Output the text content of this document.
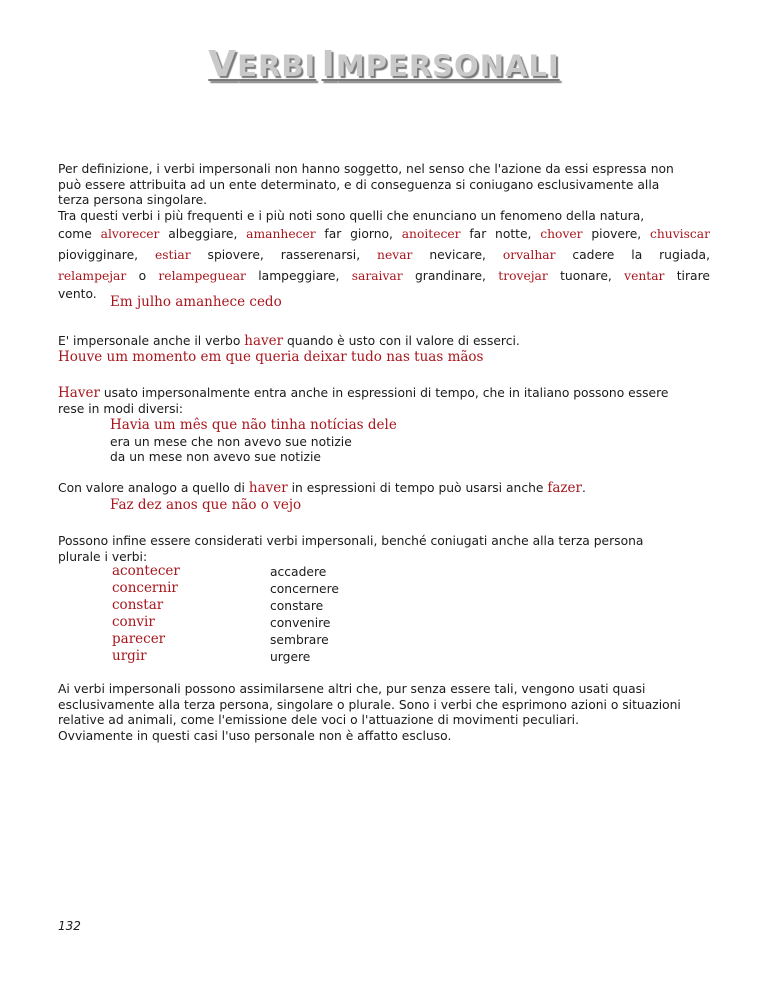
VERBI IMPERSONALI
Per definizione, i verbi impersonali non hanno soggetto, nel senso che l'azione da essi espressa non
può essere attribuita ad un ente determinato, e di conseguenza si coniugano esclusivamente alla
terza persona singolare.
Tra questi verbi i più frequenti e i più noti sono quelli che enunciano un fenomeno della natura,
come alvorecer albeggiare, amanhecer far giorno, anoitecer far notte, chover piovere, chuviscar
piovigginare, estiar spiovere, rasserenarsi, nevar nevicare, orvalhar cadere la rugiada,
relampejar o relampeguear lampeggiare, saraivar grandinare, trovejar tuonare, ventar tirare
vento. Em julho amanhece cedo
E' impersonale anche il verbo haver quando è usto con il valore di esserci.
Houve um momento em que queria deixar tudo nas tuas mãos
Haver usato impersonalmente entra anche in espressioni di tempo, che in italiano possono essere
rese in modi diversi:
Havia um mês que não tinha notícias dele
era un mese che non avevo sue notizie
da un mese non avevo sue notizie
Con valore analogo a quello di haver in espressioni di tempo può usarsi anche fazer.
Faz dez anos que não o vejo
Possono infine essere considerati verbi impersonali, benché coniugati anche alla terza persona
plurale i verbi:
acontecer
concernir
constar
convir
parecer
urgir
accadere
concernere
constare
convenire
sembrare
urgere
Ai verbi impersonali possono assimilarsene altri che, pur senza essere tali, vengono usati quasi
esclusivamente alla terza persona, singolare o plurale. Sono i verbi che esprimono azioni o situazioni
relative ad animali, come l'emissione dele voci o l'attuazione di movimenti peculiari.
Ovviamente in questi casi l'uso personale non è affatto escluso.
132
